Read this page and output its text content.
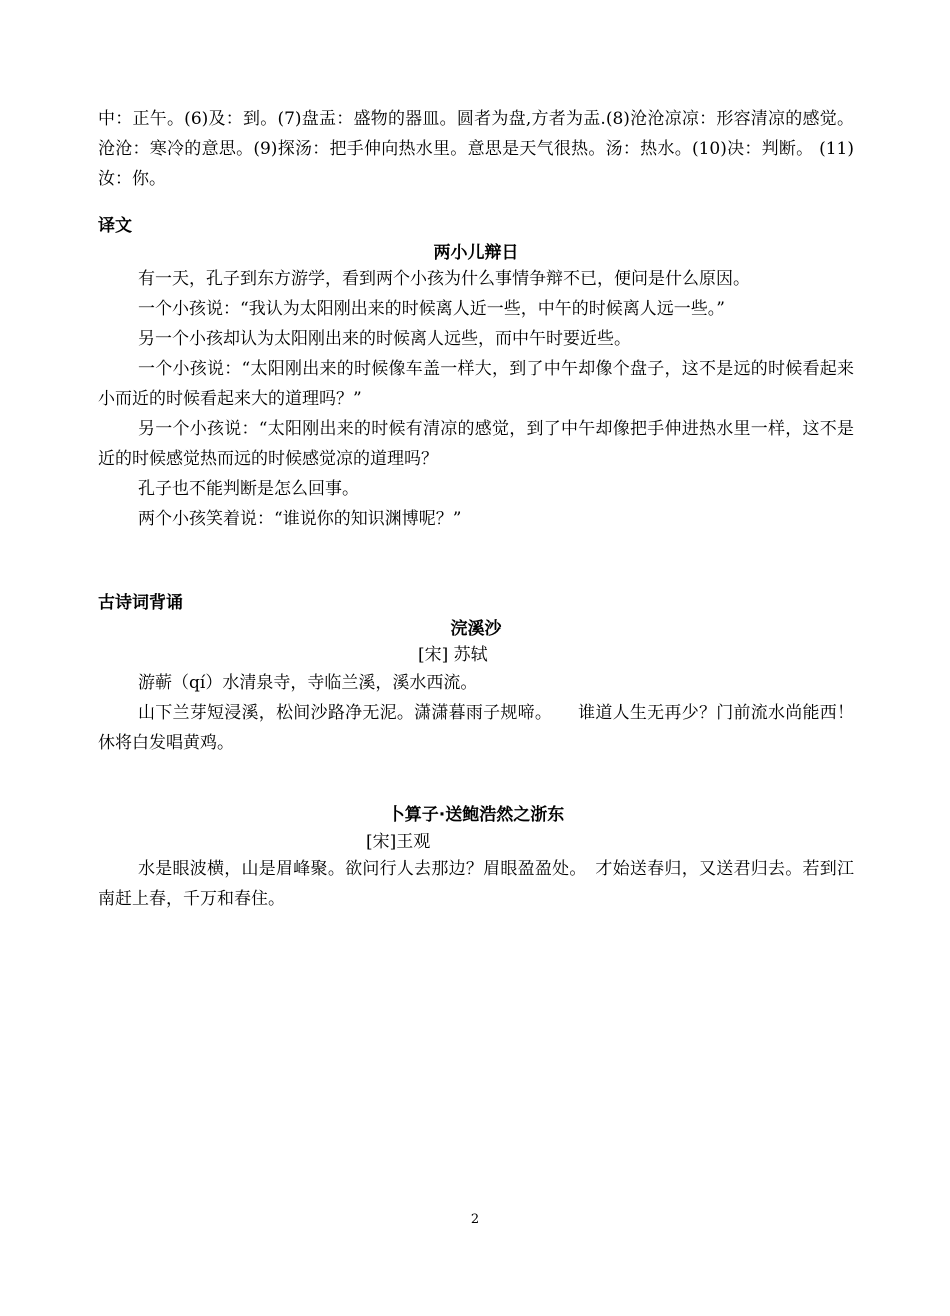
中：正午。(6)及：到。(7)盘盂：盛物的器皿。圆者为盘,方者为盂.(8)沧沧凉凉：形容清凉的感觉。沧沧：寒冷的意思。(9)探汤：把手伸向热水里。意思是天气很热。汤：热水。(10)决：判断。 (11)汝：你。

译文
两小儿辩日

有一天，孔子到东方游学，看到两个小孩为什么事情争辩不已，便问是什么原因。

一个小孩说：“我认为太阳刚出来的时候离人近一些，中午的时候离人远一些。”

另一个小孩却认为太阳刚出来的时候离人远些，而中午时要近些。

一个小孩说：“太阳刚出来的时候像车盖一样大，到了中午却像个盘子，这不是远的时候看起来小而近的时候看起来大的道理吗？”

另一个小孩说：“太阳刚出来的时候有清凉的感觉，到了中午却像把手伸进热水里一样，这不是近的时候感觉热而远的时候感觉凉的道理吗？

孔子也不能判断是怎么回事。

两个小孩笑着说：“谁说你的知识渊博呢？”

古诗词背诵
浣溪沙
[宋] 苏轼

游蕲（qí）水清泉寺，寺临兰溪，溪水西流。

山下兰芽短浸溪，松间沙路净无泥。潇潇暮雨子规啼。　　谁道人生无再少？门前流水尚能西！休将白发唱黄鸡。

卜算子·送鲍浩然之浙东
[宋]王观

水是眼波横，山是眉峰聚。欲问行人去那边？眉眼盈盈处。　才始送春归，又送君归去。若到江南赶上春，千万和春住。

2
